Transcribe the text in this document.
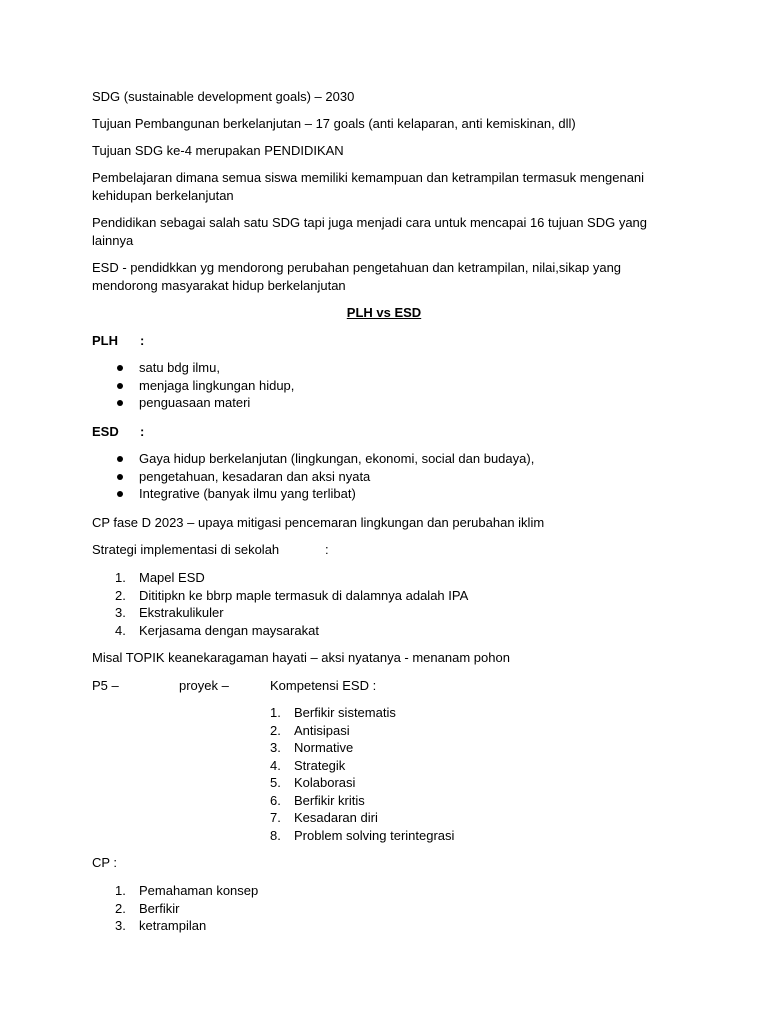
SDG (sustainable development goals) – 2030

Tujuan Pembangunan berkelanjutan – 17 goals (anti kelaparan, anti kemiskinan, dll)

Tujuan SDG ke-4 merupakan PENDIDIKAN

Pembelajaran dimana semua siswa memiliki kemampuan dan ketrampilan termasuk mengenani kehidupan berkelanjutan

Pendidikan sebagai salah satu SDG tapi juga menjadi cara untuk mencapai 16 tujuan SDG yang lainnya

ESD - pendidkkan yg mendorong perubahan pengetahuan dan ketrampilan, nilai,sikap yang mendorong masyarakat hidup berkelanjutan

PLH vs ESD
PLH :
satu bdg ilmu,
menjaga lingkungan hidup,
penguasaan materi
ESD :
Gaya hidup berkelanjutan (lingkungan, ekonomi, social dan budaya),
pengetahuan, kesadaran dan aksi nyata
Integrative (banyak ilmu yang terlibat)

CP fase D 2023 – upaya mitigasi pencemaran lingkungan dan perubahan iklim

Strategi implementasi di sekolah	:
1.	Mapel ESD
2.	Dititipkn ke bbrp maple termasuk di dalamnya adalah IPA
3.	Ekstrakulikuler
4.	Kerjasama dengan maysarakat

Misal TOPIK keanekaragaman hayati – aksi nyatanya - menanam pohon

P5 –	proyek –	Kompetensi ESD :
1.	Berfikir sistematis
2.	Antisipasi
3.	Normative
4.	Strategik
5.	Kolaborasi
6.	Berfikir kritis
7.	Kesadaran diri
8.	Problem solving terintegrasi

CP :

1.	Pemahaman konsep
2.	Berfikir
3.	ketrampilan
